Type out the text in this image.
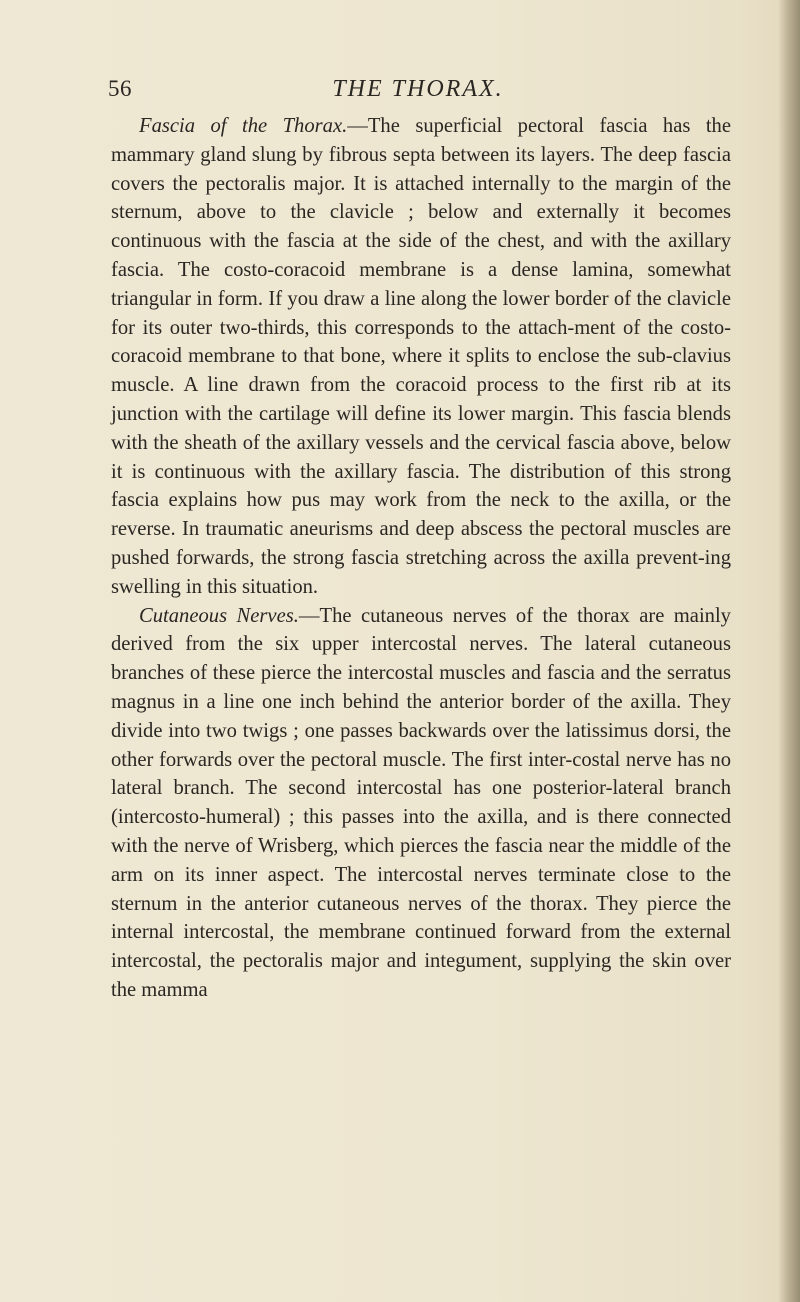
56	THE THORAX.

Fascia of the Thorax.—The superficial pectoral fascia has the mammary gland slung by fibrous septa between its layers. The deep fascia covers the pectoralis major. It is attached internally to the margin of the sternum, above to the clavicle ; below and externally it becomes continuous with the fascia at the side of the chest, and with the axillary fascia. The costo-coracoid membrane is a dense lamina, somewhat triangular in form. If you draw a line along the lower border of the clavicle for its outer two-thirds, this corresponds to the attach-ment of the costo-coracoid membrane to that bone, where it splits to enclose the sub-clavius muscle. A line drawn from the coracoid process to the first rib at its junction with the cartilage will define its lower margin. This fascia blends with the sheath of the axillary vessels and the cervical fascia above, below it is continuous with the axillary fascia. The distribution of this strong fascia explains how pus may work from the neck to the axilla, or the reverse. In traumatic aneurisms and deep abscess the pectoral muscles are pushed forwards, the strong fascia stretching across the axilla prevent-ing swelling in this situation.

Cutaneous Nerves.—The cutaneous nerves of the thorax are mainly derived from the six upper intercostal nerves. The lateral cutaneous branches of these pierce the intercostal muscles and fascia and the serratus magnus in a line one inch behind the anterior border of the axilla. They divide into two twigs ; one passes backwards over the latissimus dorsi, the other forwards over the pectoral muscle. The first inter-costal nerve has no lateral branch. The second intercostal has one posterior-lateral branch (intercosto-humeral) ; this passes into the axilla, and is there connected with the nerve of Wrisberg, which pierces the fascia near the middle of the arm on its inner aspect. The intercostal nerves terminate close to the sternum in the anterior cutaneous nerves of the thorax. They pierce the internal intercostal, the membrane continued forward from the external intercostal, the pectoralis major and integument, supplying the skin over the mamma
